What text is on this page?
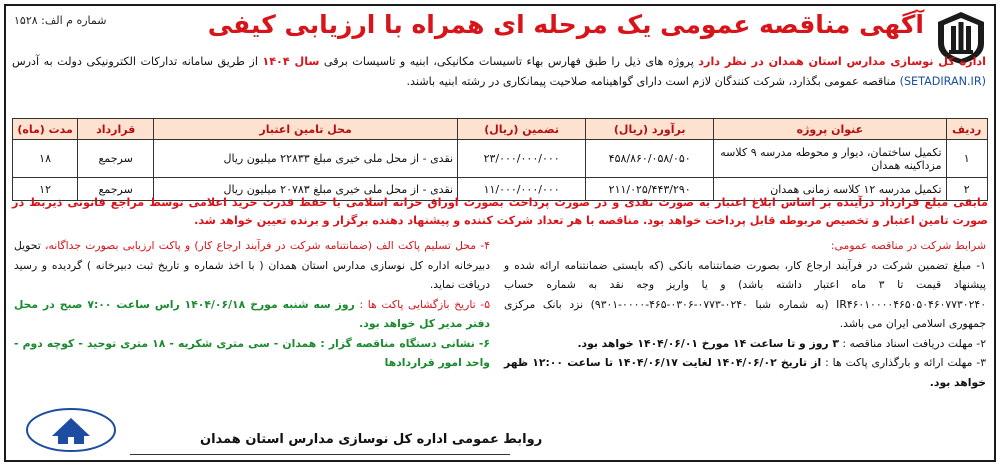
آگهی مناقصه عمومی یک مرحله ای همراه با ارزیابی کیفی
شماره م الف: ۱۵۲۸
اداره کل نوسازی مدارس استان همدان در نظر دارد پروژه های ذیل را طبق فهارس بهاء تاسیسات مکانیکی، ابنیه و تاسیسات برقی سال ۱۴۰۴ از طریق سامانه تدارکات الکترونیکی دولت به آدرس (SETADIRAN.IR) مناقصه عمومی بگذارد، شرکت کنندگان لازم است دارای گواهینامه صلاحیت پیمانکاری در رشته ابنیه باشند.
ردیف	عنوان پروژه	برآورد (ریال)	تضمین (ریال)	محل تامین اعتبار	قرارداد	مدت (ماه)
۱	تکمیل ساختمان، دیوار و محوطه مدرسه ۹ کلاسه مزداکینه همدان	۴۵۸/۸۶۰/۰۵۸/۰۵۰	۲۳/۰۰۰/۰۰۰/۰۰۰	نقدی - از محل ملی خیری مبلغ ۲۲۸۳۳ میلیون ریال	سرجمع	۱۸
۲	تکمیل مدرسه ۱۲ کلاسه زمانی همدان	۲۱۱/۰۲۵/۴۴۳/۲۹۰	۱۱/۰۰۰/۰۰۰/۰۰۰	نقدی - از محل ملی خیری مبلغ ۲۰۷۸۳ میلیون ریال	سرجمع	۱۲
مابقی مبلغ قرارداد درآینده بر اساس ابلاغ اعتبار به صورت نقدی و در صورت پرداخت بصورت اوراق خزانه اسلامی با حفظ قدرت خرید اعلامی توسط مراجع قانونی ذیربط در صورت تامین اعتبار و تخصیص مربوطه قابل پرداخت خواهد بود. مناقصه با هر تعداد شرکت کننده و پیشنهاد دهنده برگزار و برنده تعیین خواهد شد.
شرایط شرکت در مناقصه عمومی:
۱- مبلغ تضمین شرکت در فرآیند ارجاع کار، بصورت ضمانتنامه بانکی (که بایستی ضمانتنامه ارائه شده و پیشنهاد قیمت تا ۳ ماه اعتبار داشته باشد) و یا واریز وجه نقد به شماره حساب IR۴۶۰۱۰۰۰۰۴۶۵۰۵۰۴۶۰۷۷۳۰۲۴۰ (به شماره شبا ۰۲۴۰-۰۷۷۳-۰۳۰۶-۴۶۵-۰۰۰۰-۹۳۰۱) نزد بانک مرکزی جمهوری اسلامی ایران می باشد.
۲- مهلت دریافت اسناد مناقصه : ۳ روز و تا ساعت ۱۴ مورخ ۱۴۰۴/۰۶/۰۱ خواهد بود.
۳- مهلت ارائه و بارگذاری پاکت ها : از تاریخ ۱۴۰۴/۰۶/۰۲ لغایت ۱۴۰۴/۰۶/۱۷ تا ساعت ۱۲:۰۰ ظهر خواهد بود.
۴- محل تسلیم پاکت الف (ضمانتنامه شرکت در فرآیند ارجاع کار) و پاکت ارزیابی بصورت جداگانه، تحویل دبیرخانه اداره کل نوسازی مدارس استان همدان ( با اخذ شماره و تاریخ ثبت دبیرخانه ) گردیده و رسید دریافت نماید.
۵- تاریخ بازگشایی پاکت ها : روز سه شنبه مورخ ۱۴۰۴/۰۶/۱۸ راس ساعت ۷:۰۰ صبح در محل دفتر مدیر کل خواهد بود.
۶- نشانی دستگاه مناقصه گزار : همدان - سی متری شکریه - ۱۸ متری توحید - کوچه دوم - واحد امور قراردادها
روابط عمومی اداره کل نوسازی مدارس استان همدان
